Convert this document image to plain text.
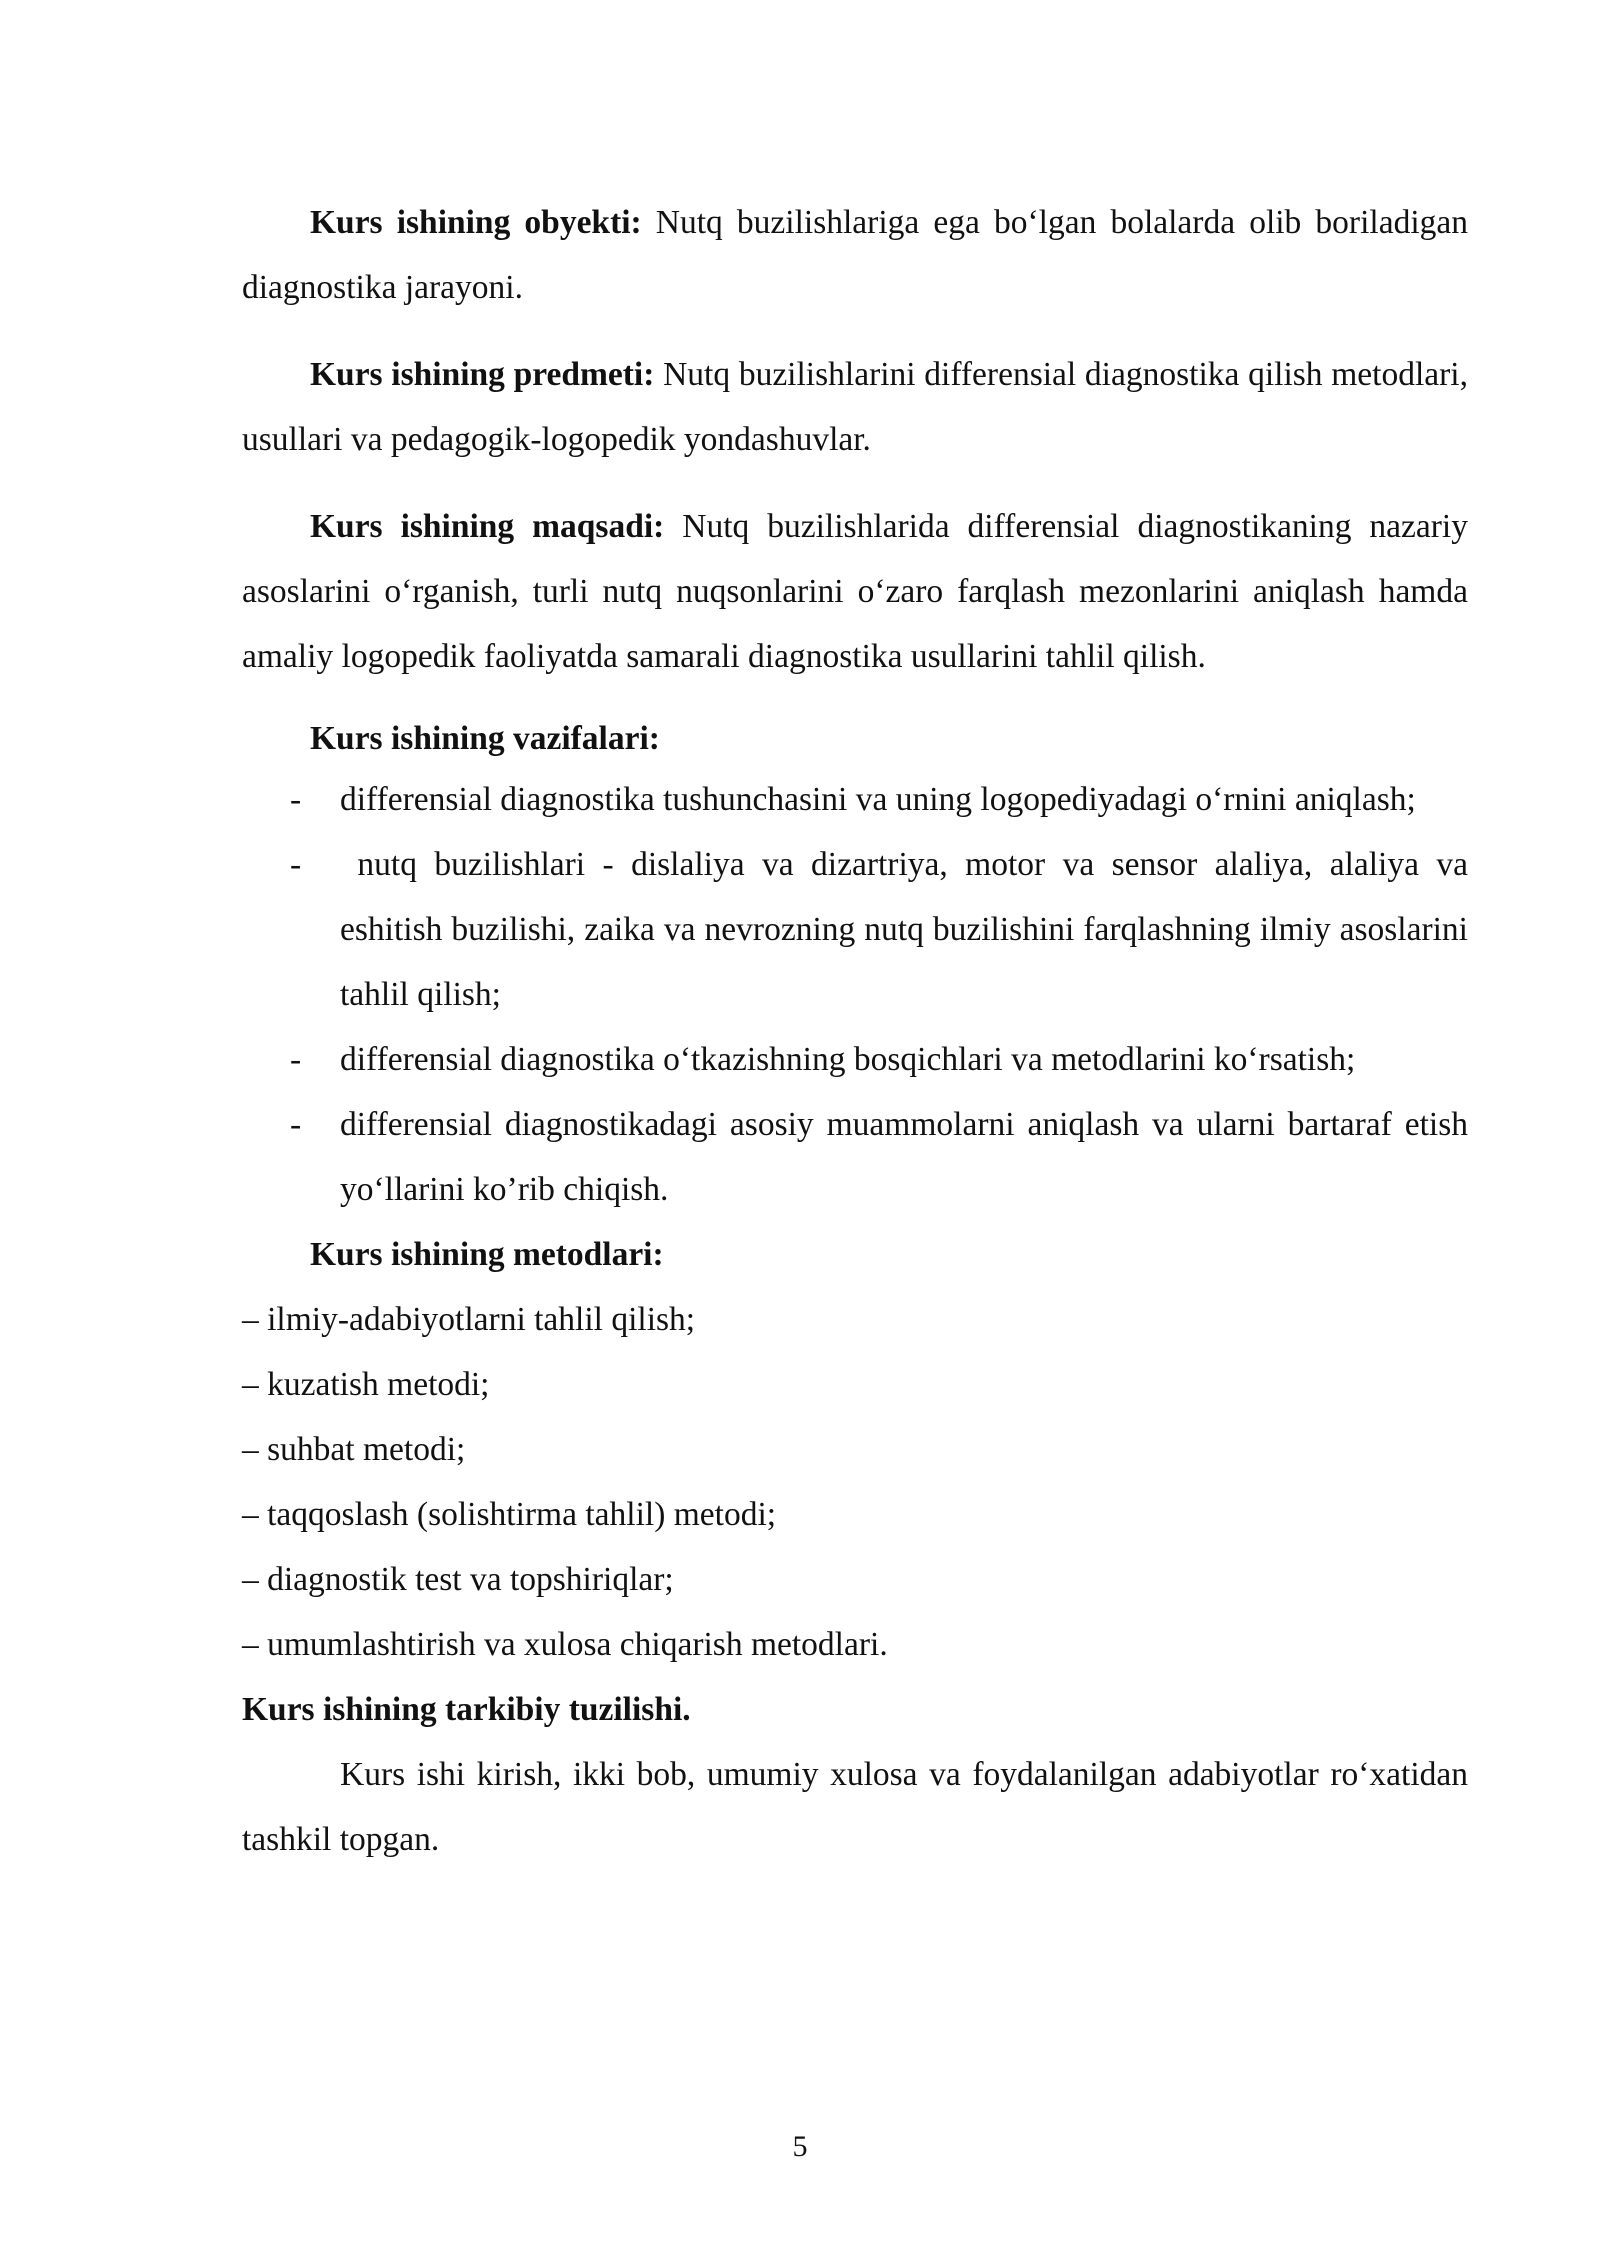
Kurs ishining obyekti: Nutq buzilishlariga ega bo‘lgan bolalarda olib boriladigan diagnostika jarayoni.

Kurs ishining predmeti: Nutq buzilishlarini differensial diagnostika qilish metodlari, usullari va pedagogik-logopedik yondashuvlar.

Kurs ishining maqsadi: Nutq buzilishlarida differensial diagnostikaning nazariy asoslarini o‘rganish, turli nutq nuqsonlarini o‘zaro farqlash mezonlarini aniqlash hamda amaliy logopedik faoliyatda samarali diagnostika usullarini tahlil qilish.

Kurs ishining vazifalari:

- differensial diagnostika tushunchasini va uning logopediyadagi o‘rnini aniqlash;
- nutq buzilishlari - dislaliya va dizartriya, motor va sensor alaliya, alaliya va eshitish buzilishi, zaika va nevrozning nutq buzilishini farqlashning ilmiy asoslarini tahlil qilish;
- differensial diagnostika o‘tkazishning bosqichlari va metodlarini ko‘rsatish;
- differensial diagnostikadagi asosiy muammolarni aniqlash va ularni bartaraf etish yo‘llarini ko’rib chiqish.

Kurs ishining metodlari:

– ilmiy-adabiyotlarni tahlil qilish;
– kuzatish metodi;
– suhbat metodi;
– taqqoslash (solishtirma tahlil) metodi;
– diagnostik test va topshiriqlar;
– umumlashtirish va xulosa chiqarish metodlari.

Kurs ishining tarkibiy tuzilishi.

Kurs ishi kirish, ikki bob, umumiy xulosa va foydalanilgan adabiyotlar ro‘xatidan tashkil topgan.

5
